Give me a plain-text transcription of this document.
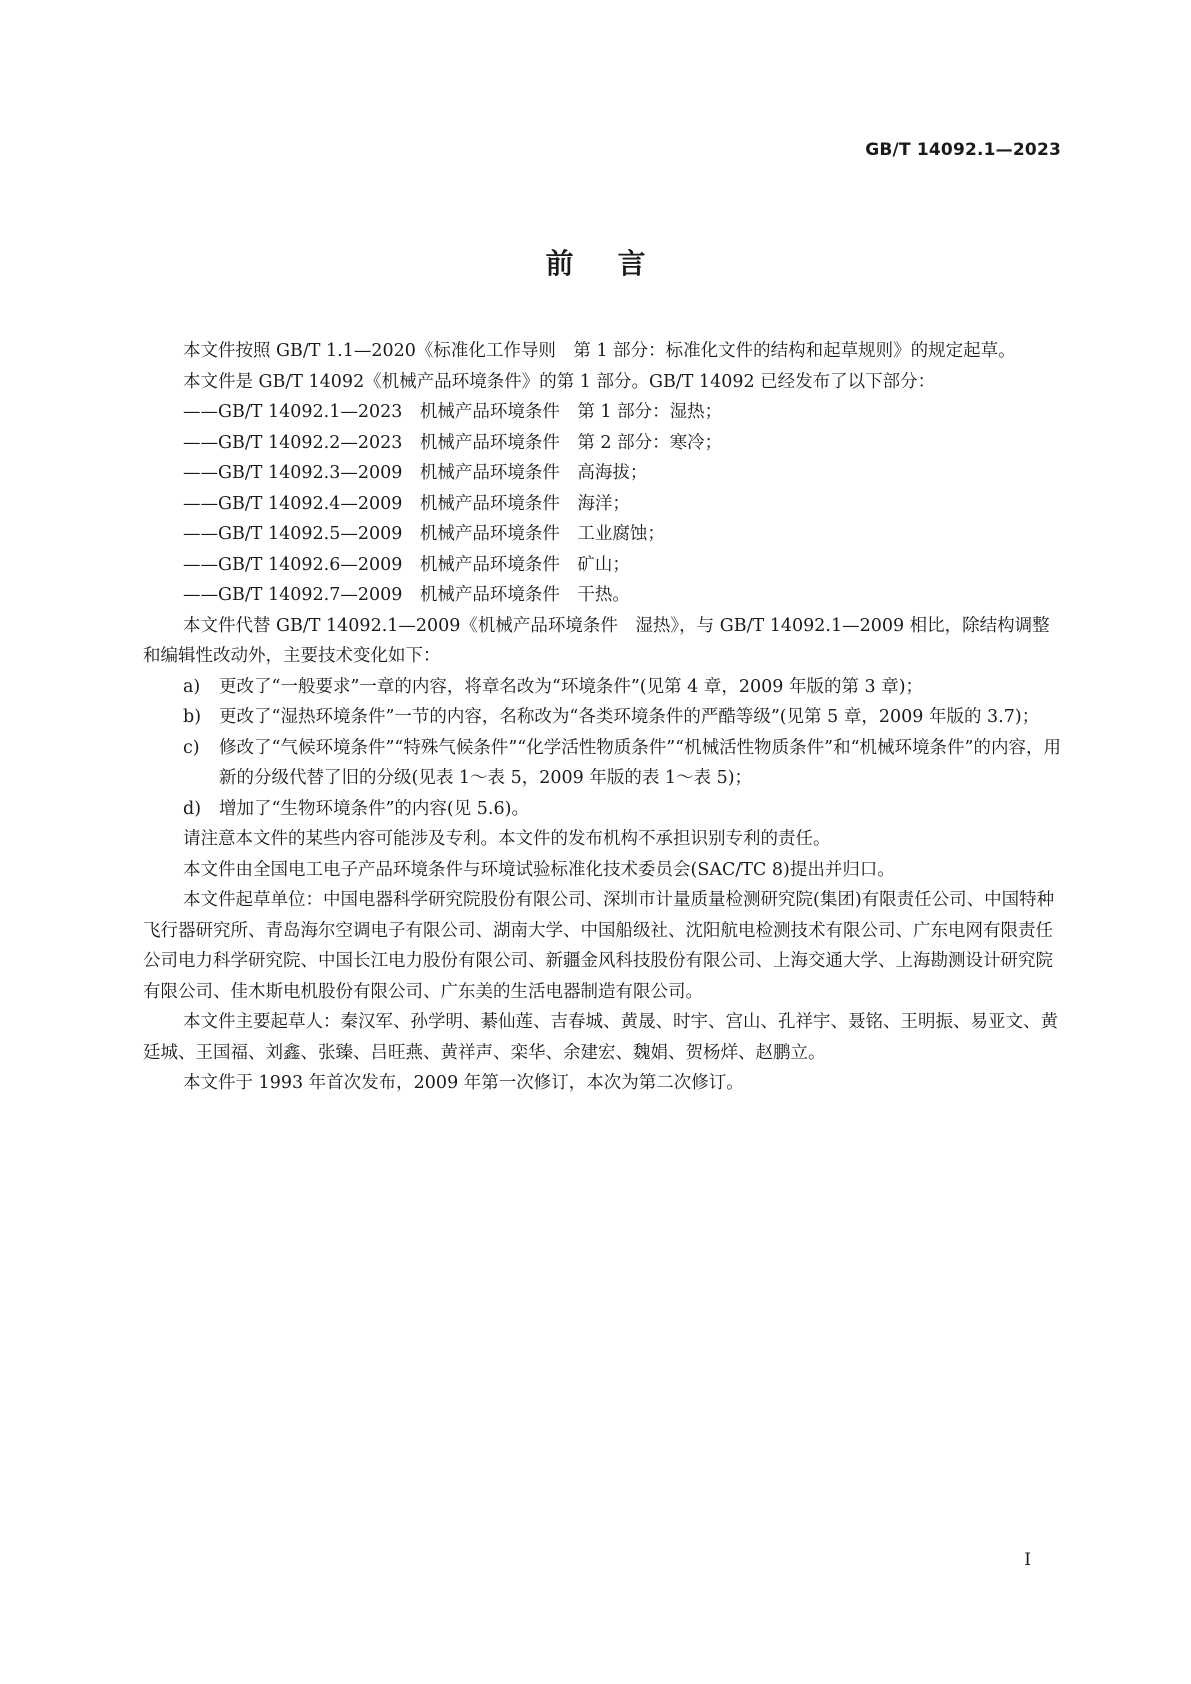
GB/T 14092.1—2023
前言

本文件按照 GB/T 1.1—2020《标准化工作导则　第 1 部分：标准化文件的结构和起草规则》的规定起草。

本文件是 GB/T 14092《机械产品环境条件》的第 1 部分。GB/T 14092 已经发布了以下部分：

——GB/T 14092.1—2023　机械产品环境条件　第 1 部分：湿热；

——GB/T 14092.2—2023　机械产品环境条件　第 2 部分：寒冷；

——GB/T 14092.3—2009　机械产品环境条件　高海拔；

——GB/T 14092.4—2009　机械产品环境条件　海洋；

——GB/T 14092.5—2009　机械产品环境条件　工业腐蚀；

——GB/T 14092.6—2009　机械产品环境条件　矿山；

——GB/T 14092.7—2009　机械产品环境条件　干热。

本文件代替 GB/T 14092.1—2009《机械产品环境条件　湿热》，与 GB/T 14092.1—2009 相比，除结构调整和编辑性改动外，主要技术变化如下：

a)	更改了“一般要求”一章的内容，将章名改为“环境条件”(见第 4 章，2009 年版的第 3 章)；
b)	更改了“湿热环境条件”一节的内容，名称改为“各类环境条件的严酷等级”(见第 5 章，2009 年版的 3.7)；
c)	修改了“气候环境条件”“特殊气候条件”“化学活性物质条件”“机械活性物质条件”和“机械环境条件”的内容，用新的分级代替了旧的分级(见表 1～表 5，2009 年版的表 1～表 5)；
d)	增加了“生物环境条件”的内容(见 5.6)。

请注意本文件的某些内容可能涉及专利。本文件的发布机构不承担识别专利的责任。

本文件由全国电工电子产品环境条件与环境试验标准化技术委员会(SAC/TC 8)提出并归口。

本文件起草单位：中国电器科学研究院股份有限公司、深圳市计量质量检测研究院(集团)有限责任公司、中国特种飞行器研究所、青岛海尔空调电子有限公司、湖南大学、中国船级社、沈阳航电检测技术有限公司、广东电网有限责任公司电力科学研究院、中国长江电力股份有限公司、新疆金风科技股份有限公司、上海交通大学、上海勘测设计研究院有限公司、佳木斯电机股份有限公司、广东美的生活电器制造有限公司。

本文件主要起草人：秦汉军、孙学明、綦仙莲、吉春城、黄晟、时宇、宫山、孔祥宇、聂铭、王明振、易亚文、黄廷城、王国福、刘鑫、张臻、吕旺燕、黄祥声、栾华、余建宏、魏娟、贺杨烊、赵鹏立。

本文件于 1993 年首次发布，2009 年第一次修订，本次为第二次修订。

I
